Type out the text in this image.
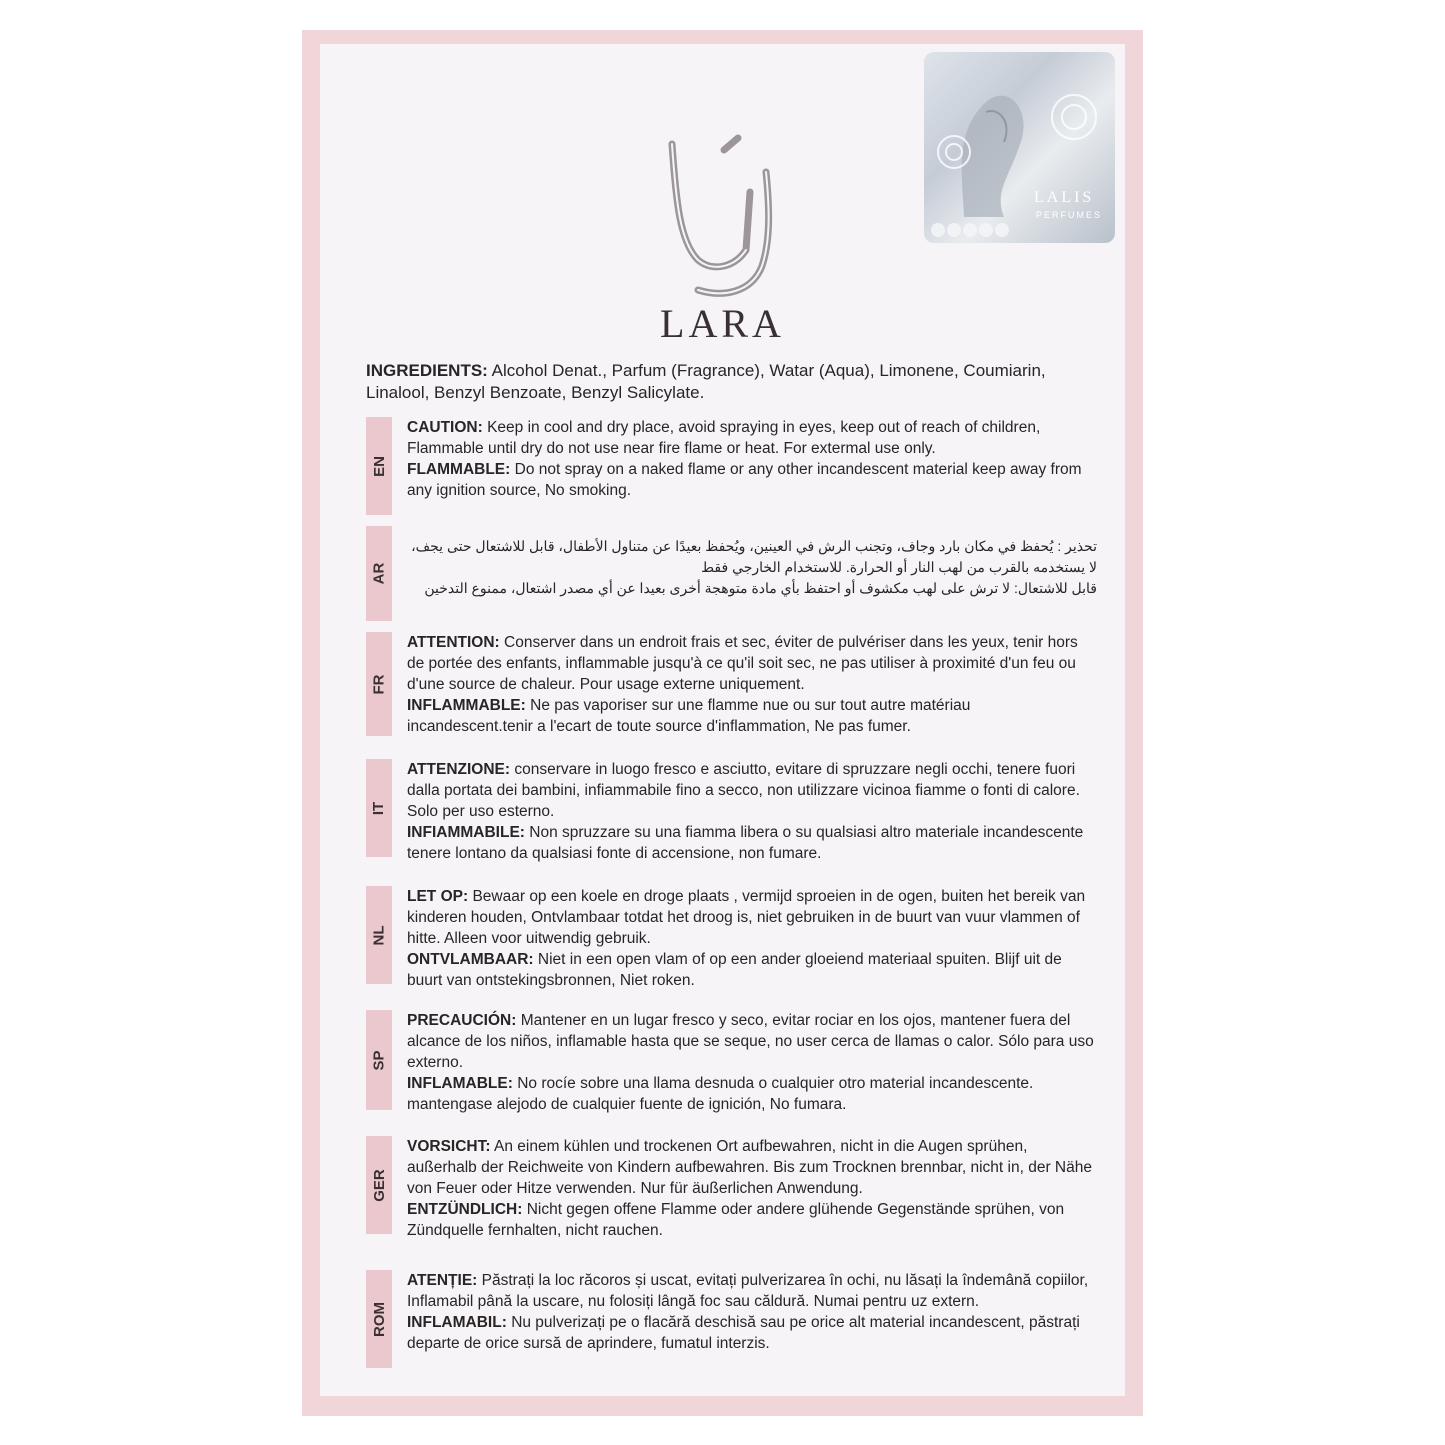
LALIS
PERFUMES
LARA
INGREDIENTS: Alcohol Denat., Parfum (Fragrance), Watar (Aqua), Limonene, Coumiarin, Linalool, Benzyl Benzoate, Benzyl Salicylate.
EN

CAUTION: Keep in cool and dry place, avoid spraying in eyes, keep out of reach of children, Flammable until dry do not use near fire flame or heat. For extermal use only.

FLAMMABLE: Do not spray on a naked flame or any other incandescent material keep away from any ignition source, No smoking.

AR

تحذير : يُحفظ في مكان بارد وجاف، وتجنب الرش في العينين، ويُحفظ بعيدًا عن متناول الأطفال، قابل للاشتعال حتى يجف، لا يستخدمه بالقرب من لهب النار أو الحرارة. للاستخدام الخارجي فقط

قابل للاشتعال: لا ترش على لهب مكشوف أو احتفظ بأي مادة متوهجة أخرى بعيدا عن أي مصدر اشتعال، ممنوع التدخين

FR

ATTENTION: Conserver dans un endroit frais et sec, éviter de pulvériser dans les yeux, tenir hors de portée des enfants, inflammable jusqu'à ce qu'il soit sec, ne pas utiliser à proximité d'un feu ou d'une source de chaleur. Pour usage externe uniquement.

INFLAMMABLE: Ne pas vaporiser sur une flamme nue ou sur tout autre matériau incandescent.tenir a l'ecart de toute source d'inflammation, Ne pas fumer.

IT

ATTENZIONE: conservare in luogo fresco e asciutto, evitare di spruzzare negli occhi, tenere fuori dalla portata dei bambini, infiammabile fino a secco, non utilizzare vicinoa fiamme o fonti di calore. Solo per uso esterno.

INFIAMMABILE: Non spruzzare su una fiamma libera o su qualsiasi altro materiale incandescente tenere lontano da qualsiasi fonte di accensione, non fumare.

NL

LET OP: Bewaar op een koele en droge plaats , vermijd sproeien in de ogen, buiten het bereik van kinderen houden, Ontvlambaar totdat het droog is, niet gebruiken in de buurt van vuur vlammen of hitte. Alleen voor uitwendig gebruik.

ONTVLAMBAAR: Niet in een open vlam of op een ander gloeiend materiaal spuiten. Blijf uit de buurt van ontstekingsbronnen, Niet roken.

SP

PRECAUCIÓN: Mantener en un lugar fresco y seco, evitar rociar en los ojos, mantener fuera del alcance de los niños, inflamable hasta que se seque, no user cerca de llamas o calor. Sólo para uso externo.

INFLAMABLE: No rocíe sobre una llama desnuda o cualquier otro material incandescente. mantengase alejodo de cualquier fuente de ignición, No fumara.

GER

VORSICHT: An einem kühlen und trockenen Ort aufbewahren, nicht in die Augen sprühen, außerhalb der Reichweite von Kindern aufbewahren. Bis zum Trocknen brennbar, nicht in, der Nähe von Feuer oder Hitze verwenden. Nur für äußerlichen Anwendung.

ENTZÜNDLICH: Nicht gegen offene Flamme oder andere glühende Gegenstände sprühen, von Zündquelle fernhalten, nicht rauchen.

ROM

ATENȚIE: Păstrați la loc răcoros și uscat, evitați pulverizarea în ochi, nu lăsați la îndemână copiilor, Inflamabil până la uscare, nu folosiți lângă foc sau căldură. Numai pentru uz extern.

INFLAMABIL: Nu pulverizați pe o flacără deschisă sau pe orice alt material incandescent, păstrați departe de orice sursă de aprindere, fumatul interzis.
